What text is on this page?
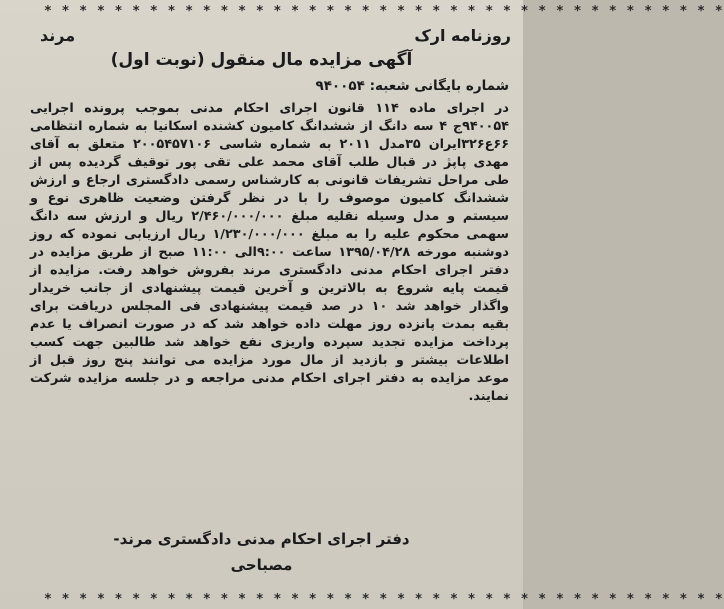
* * * * * * * * * * * * * * * * * * * * * * * * * * * * * * * * * * * * * * *
روزنامه ارک
مرند
آگهی مزایده مال منقول (نوبت اول)
شماره بایگانی شعبه: ۹۴۰۰۵۴
در اجرای ماده ۱۱۴ قانون اجرای احکام مدنی بموجب پرونده اجرایی ۹۴۰۰۵۴ج ۴ سه دانگ از ششدانگ کامیون کشنده اسکانیا به شماره انتظامی ۶۶ع۳۲۶ایران ۳۵مدل ۲۰۱۱ به شماره شاسی ۲۰۰۵۴۵۷۱۰۶ متعلق به آقای مهدی پاپژ در قبال طلب آقای محمد علی تقی پور توقیف گردیده پس از طی مراحل تشریفات قانونی به کارشناس رسمی دادگستری ارجاع و ارزش ششدانگ کامیون موصوف را با در نظر گرفتن وضعیت ظاهری نوع و سیستم و مدل وسیله نقلیه مبلغ ۲/۴۶۰/۰۰۰/۰۰۰ ریال و ارزش سه دانگ سهمی محکوم علیه را به مبلغ ۱/۲۳۰/۰۰۰/۰۰۰ ریال ارزیابی نموده که روز دوشنبه مورخه ۱۳۹۵/۰۴/۲۸ ساعت ۹:۰۰الی ۱۱:۰۰ صبح از طریق مزایده در دفتر اجرای احکام مدنی دادگستری مرند بفروش خواهد رفت. مزایده از قیمت پایه شروع به بالاترین و آخرین قیمت پیشنهادی از جانب خریدار واگذار خواهد شد ۱۰ در صد قیمت پیشنهادی فی المجلس دریافت برای بقیه بمدت پانزده روز مهلت داده خواهد شد که در صورت انصراف یا عدم پرداخت مزایده تجدید سپرده واریزی نفع خواهد شد طالبین جهت کسب اطلاعات بیشتر و بازدید از مال مورد مزایده می توانند پنج روز قبل از موعد مزایده به دفتر اجرای احکام مدنی مراجعه و در جلسه مزایده شرکت نمایند.
دفتر اجرای احکام مدنی دادگستری مرند-
مصباحی
* * * * * * * * * * * * * * * * * * * * * * * * * * * * * * * * * * * * * * *
